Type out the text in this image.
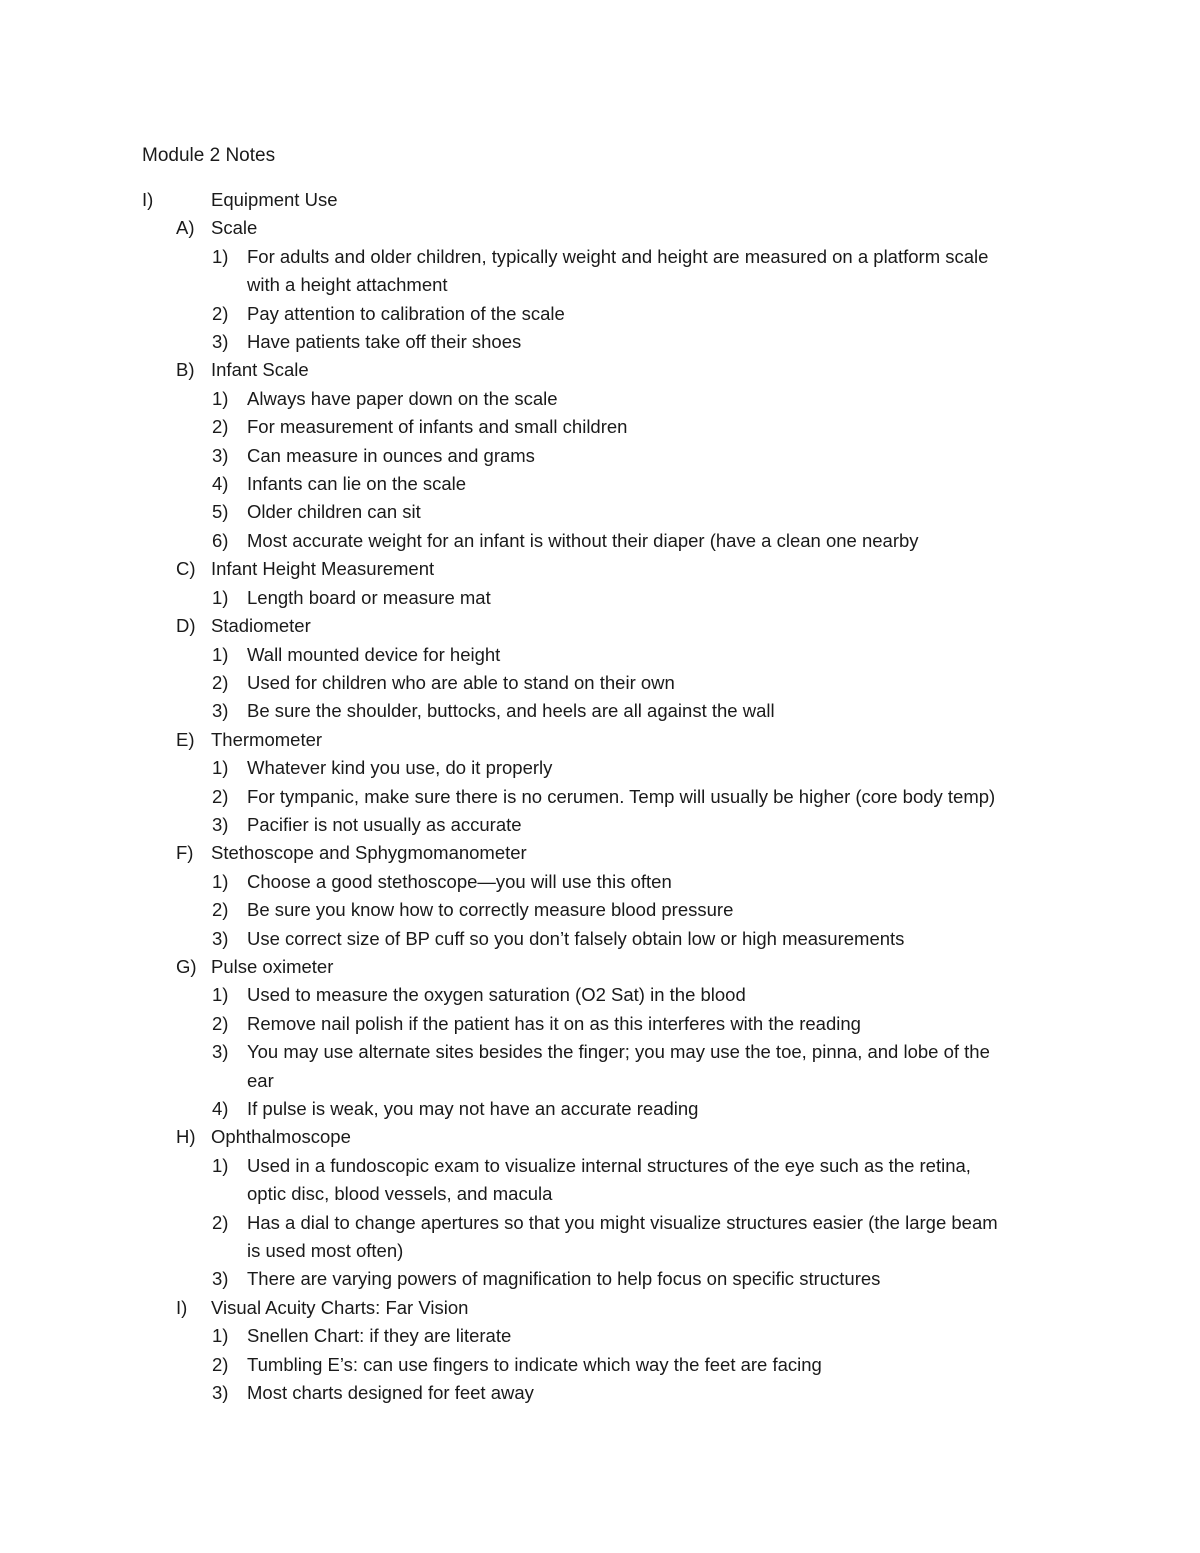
Module 2 Notes
I)	Equipment Use
A) Scale
1)	For adults and older children, typically weight and height are measured on a platform scale
with a height attachment
2)	Pay attention to calibration of the scale
3)	Have patients take off their shoes
B) Infant Scale
1)	Always have paper down on the scale
2)	For measurement of infants and small children
3)	Can measure in ounces and grams
4)	Infants can lie on the scale
5)	Older children can sit
6)	Most accurate weight for an infant is without their diaper (have a clean one nearby
C) Infant Height Measurement
1)	Length board or measure mat
D) Stadiometer
1)	Wall mounted device for height
2)	Used for children who are able to stand on their own
3)	Be sure the shoulder, buttocks, and heels are all against the wall
E) Thermometer
1)	Whatever kind you use, do it properly
2)	For tympanic, make sure there is no cerumen. Temp will usually be higher (core body temp)
3)	Pacifier is not usually as accurate
F) Stethoscope and Sphygmomanometer
1)	Choose a good stethoscope—you will use this often
2)	Be sure you know how to correctly measure blood pressure
3)	Use correct size of BP cuff so you don’t falsely obtain low or high measurements
G) Pulse oximeter
1)	Used to measure the oxygen saturation (O2 Sat) in the blood
2)	Remove nail polish if the patient has it on as this interferes with the reading
3)	You may use alternate sites besides the finger; you may use the toe, pinna, and lobe of the
ear
4)	If pulse is weak, you may not have an accurate reading
H) Ophthalmoscope
1)	Used in a fundoscopic exam to visualize internal structures of the eye such as the retina,
optic disc, blood vessels, and macula
2)	Has a dial to change apertures so that you might visualize structures easier (the large beam
is used most often)
3)	There are varying powers of magnification to help focus on specific structures
I)	Visual Acuity Charts: Far Vision
1)	Snellen Chart: if they are literate
2)	Tumbling E’s: can use fingers to indicate which way the feet are facing
3)	Most charts designed for feet away
